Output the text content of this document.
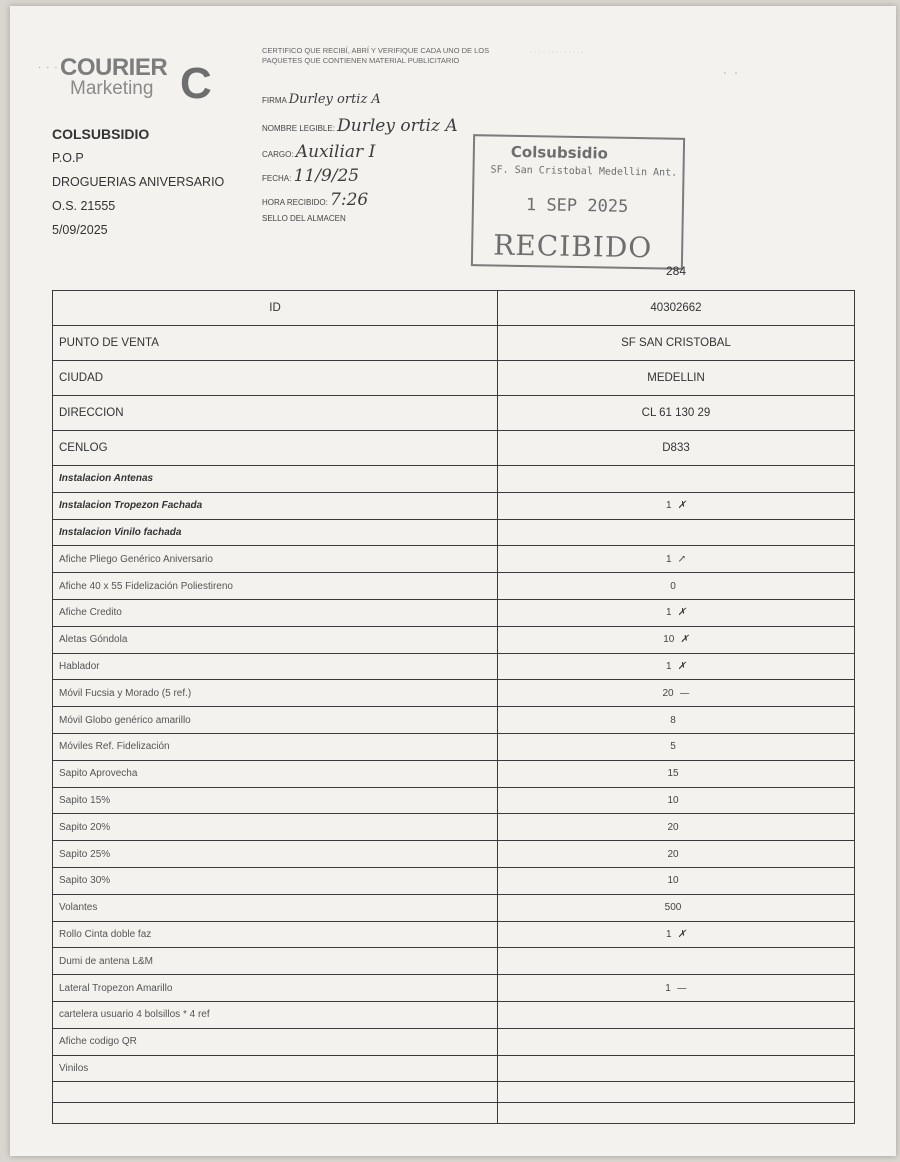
· · · COURIER
Marketing C
COLSUBSIDIO
P.O.P
DROGUERIAS ANIVERSARIO
O.S. 21555
5/09/2025
CERTIFICO QUE RECIBÍ, ABRÍ Y VERIFIQUE CADA UNO DE LOS PAQUETES QUE CONTIENEN MATERIAL PUBLICITARIO
· · · · · · · · · · · · ·
· ·
FIRMA Durley ortiz A
NOMBRE LEGIBLE: Durley ortiz A
CARGO: Auxiliar I
FECHA: 11/9/25
HORA RECIBIDO: 7:26
SELLO DEL ALMACEN
Colsubsidio
SF. San Cristobal Medellin Ant.
1 SEP 2025
RECIBIDO
284
ID	40302662
PUNTO DE VENTA	SF SAN CRISTOBAL
CIUDAD	MEDELLIN
DIRECCION	CL 61 130 29
CENLOG	D833
Instalacion Antenas	
Instalacion Tropezon Fachada	1 ✗
Instalacion Vinilo fachada	
Afiche Pliego Genérico Aniversario	1 ↗
Afiche 40 x 55 Fidelización Poliestireno	0
Afiche Credito	1 ✗
Aletas Góndola	10 ✗
Hablador	1 ✗
Móvil Fucsia y Morado (5 ref.)	20 —
Móvil Globo genérico amarillo	8
Móviles Ref. Fidelización	5
Sapito Aprovecha	15
Sapito 15%	10
Sapito 20%	20
Sapito 25%	20
Sapito 30%	10
Volantes	500
Rollo Cinta doble faz	1 ✗
Dumi de antena L&M	
Lateral Tropezon Amarillo	1 —
cartelera usuario 4 bolsillos * 4 ref	
Afiche codigo QR	
Vinilos	
